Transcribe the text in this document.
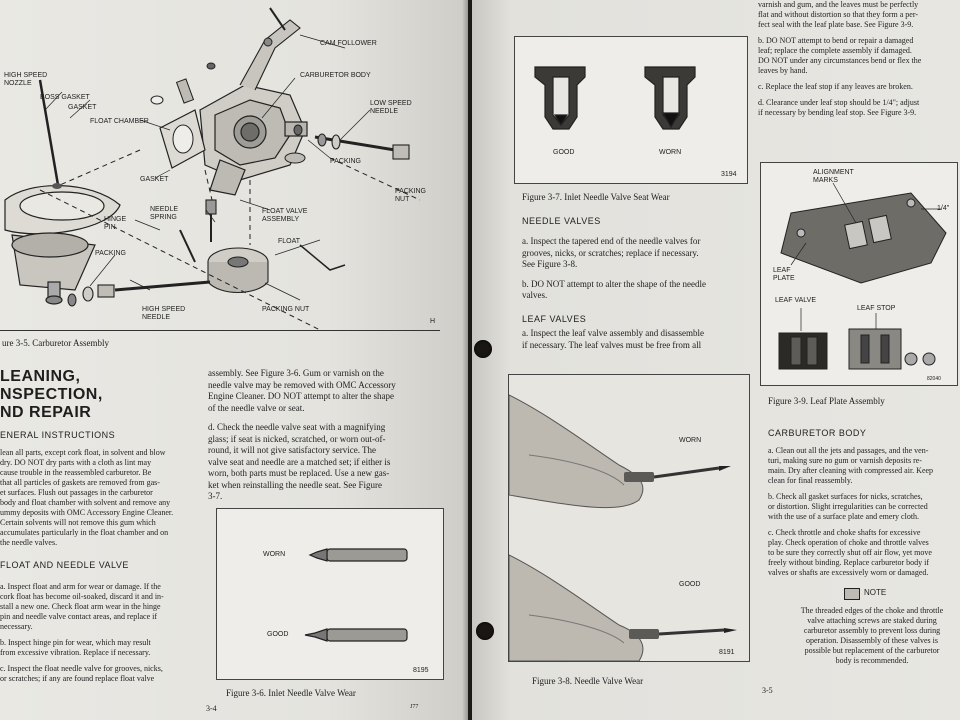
CAM FOLLOWER
HIGH SPEED NOZZLE
BOSS GASKET
GASKET
FLOAT CHAMBER
CARBURETOR BODY
LOW SPEED NEEDLE
PACKING
PACKING NUT
GASKET
NEEDLE SPRING
FLOAT VALVE ASSEMBLY
HINGE PIN
FLOAT
PACKING
HIGH SPEED NEEDLE
PACKING NUT
H
ure 3-5. Carburetor Assembly
LEANING,
NSPECTION,
ND REPAIR
ENERAL INSTRUCTIONS

lean all parts, except cork float, in solvent and blow

dry. DO NOT dry parts with a cloth as lint may

cause trouble in the reassembled carburetor. Be

that all particles of gaskets are removed from gas-

et surfaces. Flush out passages in the carburetor

body and float chamber with solvent and remove any

ummy deposits with OMC Accessory Engine Cleaner.

Certain solvents will not remove this gum which

accumulates particularly in the float chamber and on

the needle valves.

FLOAT AND NEEDLE VALVE

a. Inspect float and arm for wear or damage. If the

cork float has become oil-soaked, discard it and in-

stall a new one. Check float arm wear in the hinge

pin and needle valve contact areas, and replace if

necessary.

b. Inspect hinge pin for wear, which may result

from excessive vibration. Replace if necessary.

c. Inspect the float needle valve for grooves, nicks,

or scratches; if any are found replace float valve

assembly. See Figure 3-6. Gum or varnish on the

needle valve may be removed with OMC Accessory

Engine Cleaner. DO NOT attempt to alter the shape

of the needle valve or seat.

d. Check the needle valve seat with a magnifying

glass; if seat is nicked, scratched, or worn out-of-

round, it will not give satisfactory service. The

valve seat and needle are a matched set; if either is

worn, both parts must be replaced. Use a new gas-

ket when reinstalling the needle seat. See Figure

3-7.

WORN
GOOD
8195
Figure 3-6. Inlet Needle Valve Wear
3-4	J77
GOOD	WORN
3194
Figure 3-7. Inlet Needle Valve Seat Wear
NEEDLE VALVES

a. Inspect the tapered end of the needle valves for

grooves, nicks, or scratches; replace if necessary.

See Figure 3-8.

b. DO NOT attempt to alter the shape of the needle

valves.

LEAF VALVES

a. Inspect the leaf valve assembly and disassemble

if necessary. The leaf valves must be free from all

WORN
GOOD
8191
Figure 3-8. Needle Valve Wear

varnish and gum, and the leaves must be perfectly

flat and without distortion so that they form a per-

fect seal with the leaf plate base. See Figure 3-9.

b. DO NOT attempt to bend or repair a damaged

leaf; replace the complete assembly if damaged.

DO NOT under any circumstances bend or flex the

leaves by hand.

c. Replace the leaf stop if any leaves are broken.

d. Clearance under leaf stop should be 1/4"; adjust

if necessary by bending leaf stop. See Figure 3-9.

ALIGNMENT MARKS
LEAF PLATE
LEAF VALVE
LEAF STOP
1/4"
82040
Figure 3-9. Leaf Plate Assembly
CARBURETOR BODY

a. Clean out all the jets and passages, and the ven-

turi, making sure no gum or varnish deposits re-

main. Dry after cleaning with compressed air. Keep

clean for final reassembly.

b. Check all gasket surfaces for nicks, scratches,

or distortion. Slight irregularities can be corrected

with the use of a surface plate and emery cloth.

c. Check throttle and choke shafts for excessive

play. Check operation of choke and throttle valves

to be sure they correctly shut off air flow, yet move

freely without binding. Replace carburetor body if

valves or shafts are excessively worn or damaged.

NOTE

The threaded edges of the choke and throttle

valve attaching screws are staked during

carburetor assembly to prevent loss during

operation. Disassembly of these valves is

possible but replacement of the carburetor

body is recommended.

3-5
